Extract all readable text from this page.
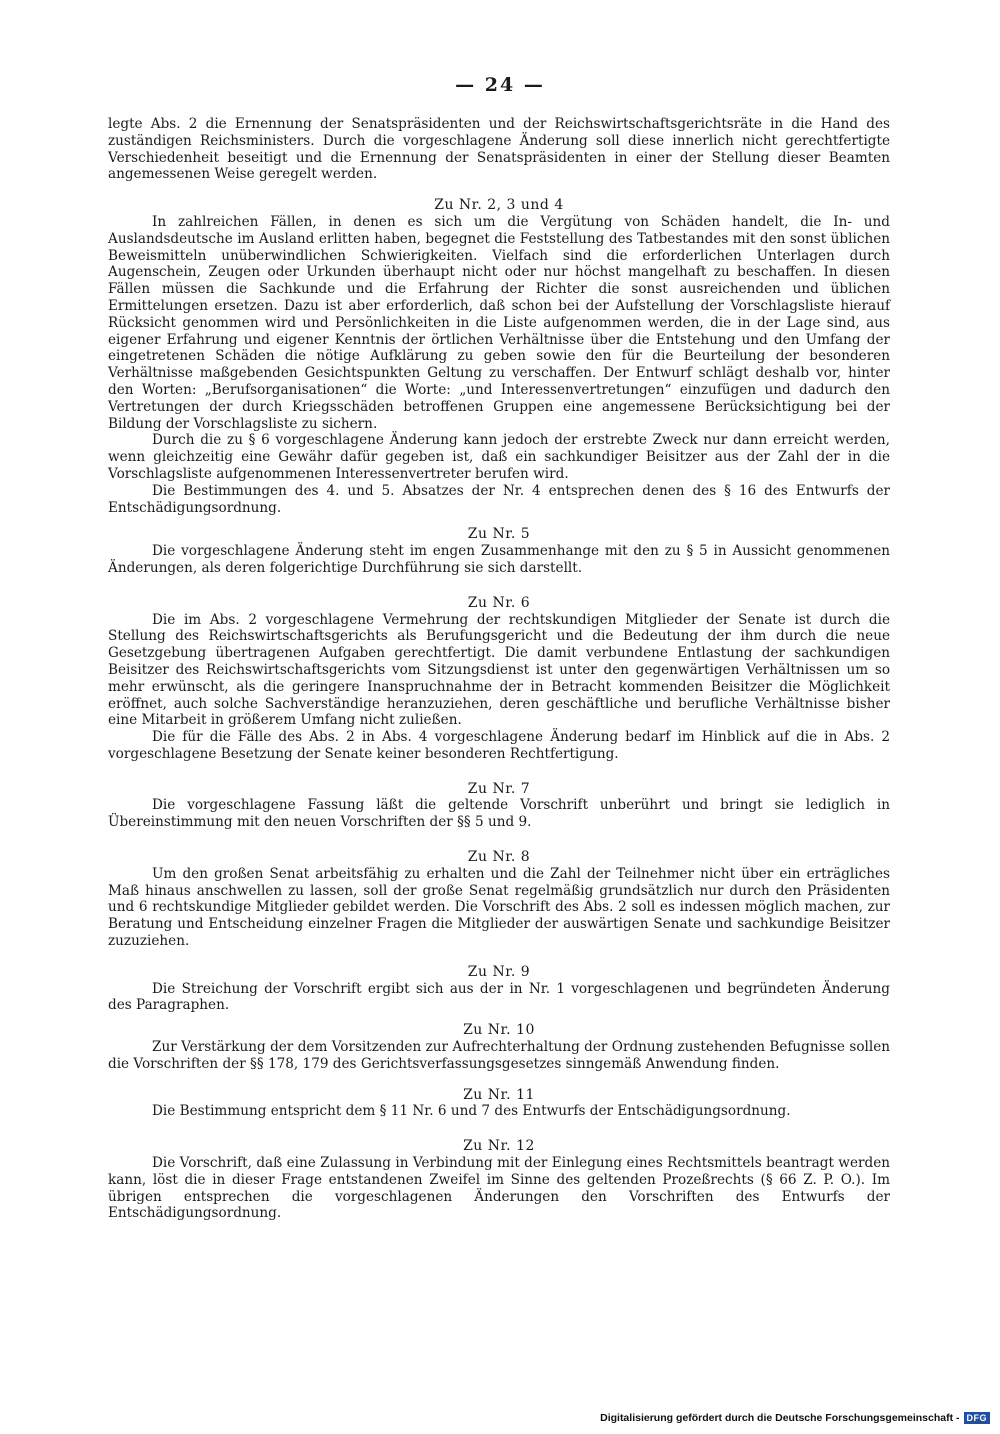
— 24 —

legte Abs. 2 die Ernennung der Senatspräsidenten und der Reichswirtschaftsgerichtsräte in die Hand des zuständigen Reichsministers. Durch die vorgeschlagene Änderung soll diese innerlich nicht gerechtfertigte Verschiedenheit beseitigt und die Ernennung der Senatspräsidenten in einer der Stellung dieser Beamten angemessenen Weise geregelt werden.

Zu Nr. 2, 3 und 4

In zahlreichen Fällen, in denen es sich um die Vergütung von Schäden handelt, die In- und Auslandsdeutsche im Ausland erlitten haben, begegnet die Feststellung des Tatbestandes mit den sonst üblichen Beweismitteln unüberwindlichen Schwierigkeiten. Vielfach sind die erforderlichen Unterlagen durch Augenschein, Zeugen oder Urkunden überhaupt nicht oder nur höchst mangelhaft zu beschaffen. In diesen Fällen müssen die Sachkunde und die Erfahrung der Richter die sonst ausreichenden und üblichen Ermittelungen ersetzen. Dazu ist aber erforderlich, daß schon bei der Aufstellung der Vorschlagsliste hierauf Rücksicht genommen wird und Persönlichkeiten in die Liste aufgenommen werden, die in der Lage sind, aus eigener Erfahrung und eigener Kenntnis der örtlichen Verhältnisse über die Entstehung und den Umfang der eingetretenen Schäden die nötige Aufklärung zu geben sowie den für die Beurteilung der besonderen Verhältnisse maßgebenden Gesichtspunkten Geltung zu verschaffen. Der Entwurf schlägt deshalb vor, hinter den Worten: „Berufsorganisationen“ die Worte: „und Interessenvertretungen“ einzufügen und dadurch den Vertretungen der durch Kriegsschäden betroffenen Gruppen eine angemessene Berücksichtigung bei der Bildung der Vorschlagsliste zu sichern.

Durch die zu § 6 vorgeschlagene Änderung kann jedoch der erstrebte Zweck nur dann erreicht werden, wenn gleichzeitig eine Gewähr dafür gegeben ist, daß ein sachkundiger Beisitzer aus der Zahl der in die Vorschlagsliste aufgenommenen Interessenvertreter berufen wird.

Die Bestimmungen des 4. und 5. Absatzes der Nr. 4 entsprechen denen des § 16 des Entwurfs der Entschädigungsordnung.

Zu Nr. 5

Die vorgeschlagene Änderung steht im engen Zusammenhange mit den zu § 5 in Aussicht genommenen Änderungen, als deren folgerichtige Durchführung sie sich darstellt.

Zu Nr. 6

Die im Abs. 2 vorgeschlagene Vermehrung der rechtskundigen Mitglieder der Senate ist durch die Stellung des Reichswirtschaftsgerichts als Berufungsgericht und die Bedeutung der ihm durch die neue Gesetzgebung übertragenen Aufgaben gerechtfertigt. Die damit verbundene Entlastung der sachkundigen Beisitzer des Reichswirtschaftsgerichts vom Sitzungsdienst ist unter den gegenwärtigen Verhältnissen um so mehr erwünscht, als die geringere Inanspruchnahme der in Betracht kommenden Beisitzer die Möglichkeit eröffnet, auch solche Sachverständige heranzuziehen, deren geschäftliche und berufliche Verhältnisse bisher eine Mitarbeit in größerem Umfang nicht zuließen.

Die für die Fälle des Abs. 2 in Abs. 4 vorgeschlagene Änderung bedarf im Hinblick auf die in Abs. 2 vorgeschlagene Besetzung der Senate keiner besonderen Rechtfertigung.

Zu Nr. 7

Die vorgeschlagene Fassung läßt die geltende Vorschrift unberührt und bringt sie lediglich in Übereinstimmung mit den neuen Vorschriften der §§ 5 und 9.

Zu Nr. 8

Um den großen Senat arbeitsfähig zu erhalten und die Zahl der Teilnehmer nicht über ein erträgliches Maß hinaus anschwellen zu lassen, soll der große Senat regelmäßig grundsätzlich nur durch den Präsidenten und 6 rechtskundige Mitglieder gebildet werden. Die Vorschrift des Abs. 2 soll es indessen möglich machen, zur Beratung und Entscheidung einzelner Fragen die Mitglieder der auswärtigen Senate und sachkundige Beisitzer zuzuziehen.

Zu Nr. 9

Die Streichung der Vorschrift ergibt sich aus der in Nr. 1 vorgeschlagenen und begründeten Änderung des Paragraphen.

Zu Nr. 10

Zur Verstärkung der dem Vorsitzenden zur Aufrechterhaltung der Ordnung zustehenden Befugnisse sollen die Vorschriften der §§ 178, 179 des Gerichtsverfassungsgesetzes sinngemäß Anwendung finden.

Zu Nr. 11

Die Bestimmung entspricht dem § 11 Nr. 6 und 7 des Entwurfs der Entschädigungsordnung.

Zu Nr. 12

Die Vorschrift, daß eine Zulassung in Verbindung mit der Einlegung eines Rechtsmittels beantragt werden kann, löst die in dieser Frage entstandenen Zweifel im Sinne des geltenden Prozeßrechts (§ 66 Z. P. O.). Im übrigen entsprechen die vorgeschlagenen Änderungen den Vorschriften des Entwurfs der Entschädigungsordnung.

Digitalisierung gefördert durch die Deutsche Forschungsgemeinschaft - DFG
